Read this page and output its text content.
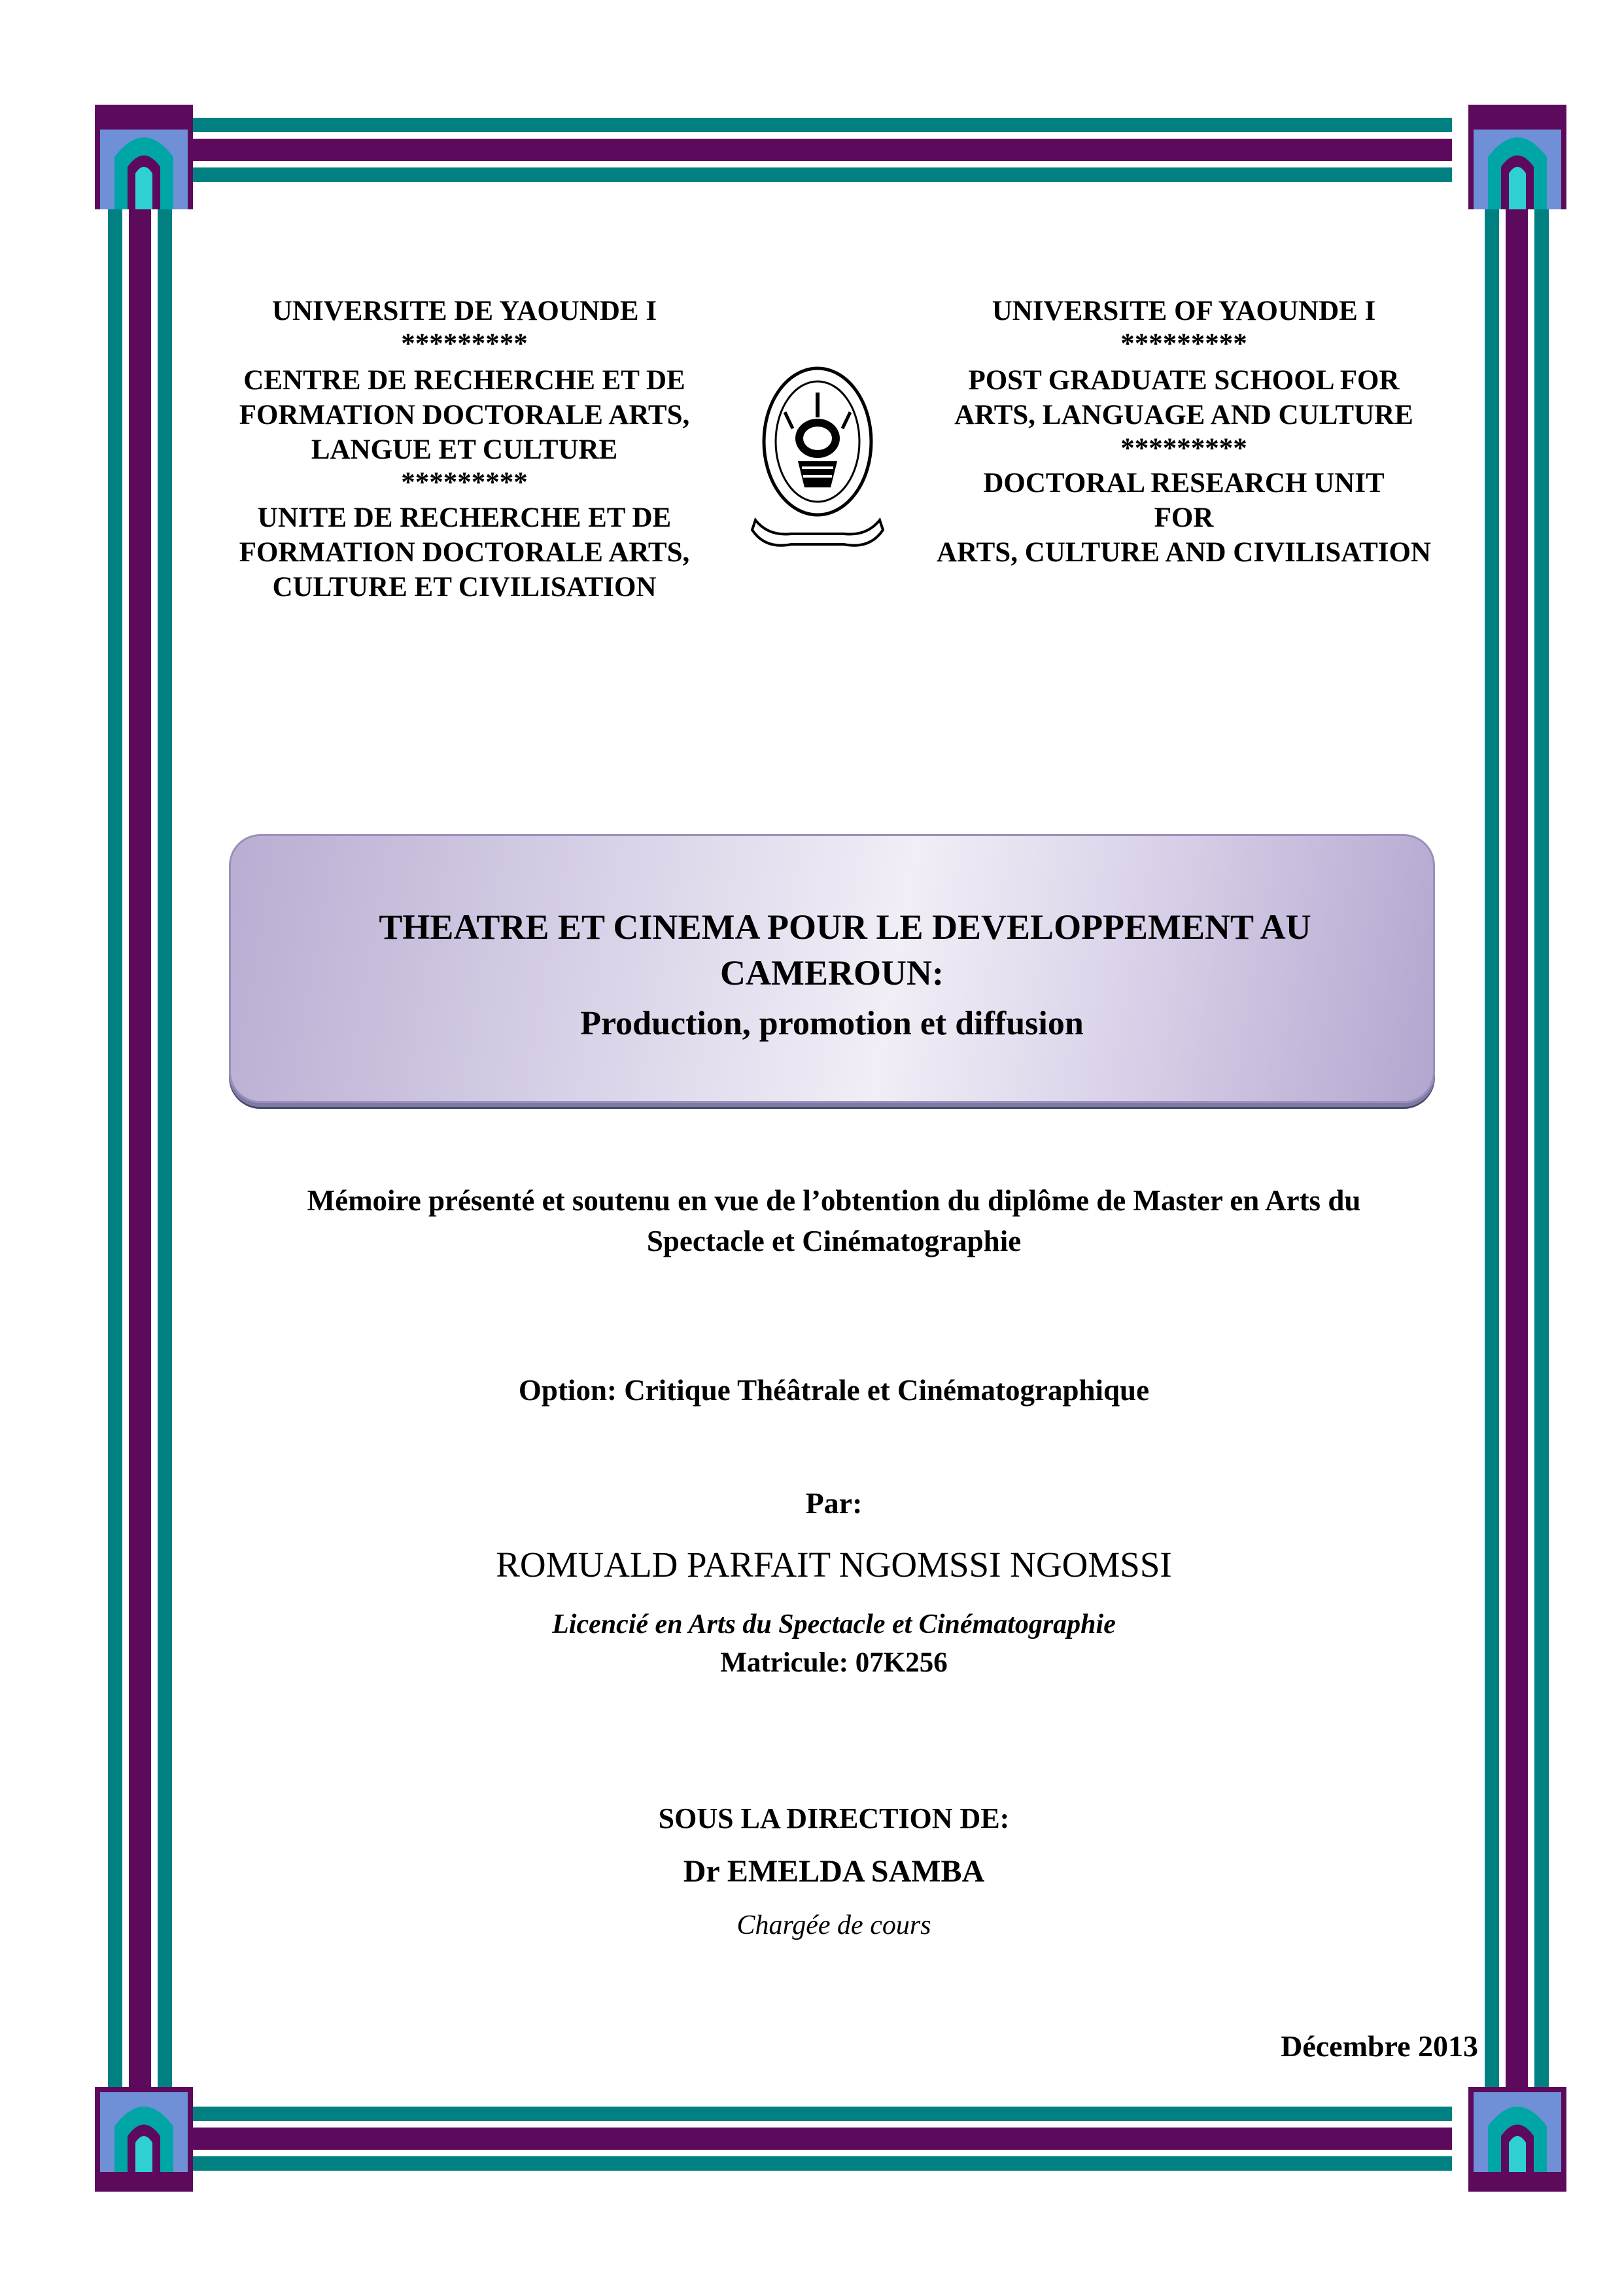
UNIVERSITE DE YAOUNDE I
*********
CENTRE DE RECHERCHE ET DE
FORMATION DOCTORALE ARTS,
LANGUE ET CULTURE
*********
UNITE DE RECHERCHE ET DE
FORMATION DOCTORALE ARTS,
CULTURE ET CIVILISATION
UNIVERSITE OF YAOUNDE I
*********
POST GRADUATE SCHOOL FOR
ARTS, LANGUAGE AND CULTURE
*********
DOCTORAL RESEARCH UNIT
FOR
ARTS, CULTURE AND CIVILISATION
THEATRE ET CINEMA POUR LE DEVELOPPEMENT AU
CAMEROUN:
Production, promotion et diffusion
Mémoire présenté et soutenu en vue de l’obtention du diplôme de Master en Arts du
Spectacle et Cinématographie
Option: Critique Théâtrale et Cinématographique
Par:
ROMUALD PARFAIT NGOMSSI NGOMSSI
Licencié en Arts du Spectacle et Cinématographie
Matricule: 07K256
SOUS LA DIRECTION DE:
Dr EMELDA SAMBA
Chargée de cours
Décembre 2013
